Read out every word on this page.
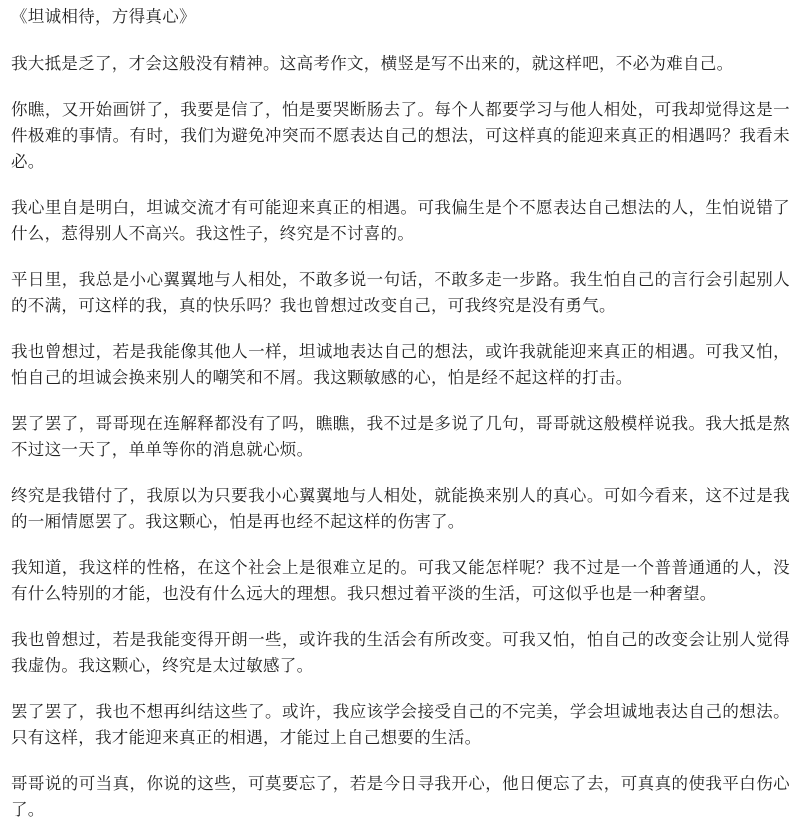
《坦诚相待，方得真心》

我大抵是乏了，才会这般没有精神。这高考作文，横竖是写不出来的，就这样吧，不必为难自己。

你瞧，又开始画饼了，我要是信了，怕是要哭断肠去了。每个人都要学习与他人相处，可我却觉得这是一件极难的事情。有时，我们为避免冲突而不愿表达自己的想法，可这样真的能迎来真正的相遇吗？我看未必。

我心里自是明白，坦诚交流才有可能迎来真正的相遇。可我偏生是个不愿表达自己想法的人，生怕说错了什么，惹得别人不高兴。我这性子，终究是不讨喜的。

平日里，我总是小心翼翼地与人相处，不敢多说一句话，不敢多走一步路。我生怕自己的言行会引起别人的不满，可这样的我，真的快乐吗？我也曾想过改变自己，可我终究是没有勇气。

我也曾想过，若是我能像其他人一样，坦诚地表达自己的想法，或许我就能迎来真正的相遇。可我又怕，怕自己的坦诚会换来别人的嘲笑和不屑。我这颗敏感的心，怕是经不起这样的打击。

罢了罢了，哥哥现在连解释都没有了吗，瞧瞧，我不过是多说了几句，哥哥就这般模样说我。我大抵是熬不过这一天了，单单等你的消息就心烦。

终究是我错付了，我原以为只要我小心翼翼地与人相处，就能换来别人的真心。可如今看来，这不过是我的一厢情愿罢了。我这颗心，怕是再也经不起这样的伤害了。

我知道，我这样的性格，在这个社会上是很难立足的。可我又能怎样呢？我不过是一个普普通通的人，没有什么特别的才能，也没有什么远大的理想。我只想过着平淡的生活，可这似乎也是一种奢望。

我也曾想过，若是我能变得开朗一些，或许我的生活会有所改变。可我又怕，怕自己的改变会让别人觉得我虚伪。我这颗心，终究是太过敏感了。

罢了罢了，我也不想再纠结这些了。或许，我应该学会接受自己的不完美，学会坦诚地表达自己的想法。只有这样，我才能迎来真正的相遇，才能过上自己想要的生活。

哥哥说的可当真，你说的这些，可莫要忘了，若是今日寻我开心，他日便忘了去，可真真的使我平白伤心了。
